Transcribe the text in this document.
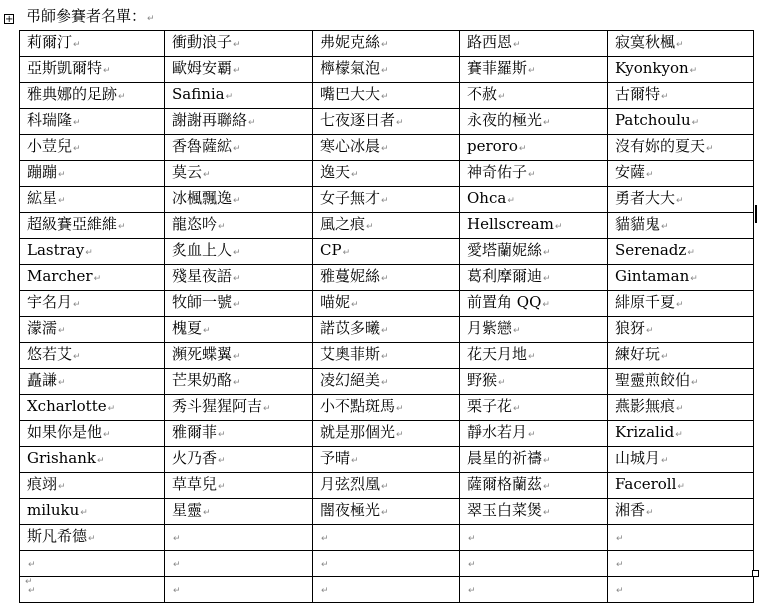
+ 弔師參賽者名單：↵
莉爾汀↵	衝動浪子↵	弗妮克絲↵	路西恩↵	寂寞秋楓↵
亞斯凱爾特↵	歐姆安覇↵	檸檬氣泡↵	賽菲羅斯↵	Kyonkyon↵
雅典娜的足跡↵	Safinia↵	嘴巴大大↵	不赦↵	古爾特↵
科瑞隆↵	謝謝再聯絡↵	七夜逐日者↵	永夜的極光↵	Patchoulu↵
小荳兒↵	香魯薩絋↵	寒心冰晨↵	peroro↵	沒有妳的夏天↵
蹦蹦↵	莫云↵	逸天↵	神奇佑子↵	安薩↵
絋星↵	冰楓飄逸↵	女子無才↵	Ohca↵	勇者大大↵
超級賽亞維維↵	龍恣吟↵	風之痕↵	Hellscream↵	貓貓鬼↵
Lastray↵	炙血上人↵	CP↵	愛塔蘭妮絲↵	Serenadz↵
Marcher↵	殘星夜語↵	雅蔓妮絲↵	葛利摩爾迪↵	Gintaman↵
宇名月↵	牧師一號↵	喵妮↵	前置角 QQ↵	緋原千夏↵
濛濡↵	槐夏↵	諾苡多曦↵	月紫戀↵	狼犽↵
悠若艾↵	瀕死蝶翼↵	艾奧菲斯↵	花天月地↵	練好玩↵
矗謙↵	芒果奶酪↵	凌幻絕美↵	野猴↵	聖靈煎餃伯↵
Xcharlotte↵	秀斗猩猩阿吉↵	小不點斑馬↵	栗子花↵	燕影無痕↵
如果你是他↵	雅爾菲↵	就是那個光↵	靜水若月↵	Krizalid↵
Grishank↵	火乃香↵	予晴↵	晨星的祈禱↵	山城月↵
痕翊↵	草草兒↵	月弦烈凰↵	薩爾格蘭茲↵	Faceroll↵
miluku↵	星靈↵	闇夜極光↵	翠玉白菜煲↵	湘香↵
斯凡希德↵	↵	↵	↵	↵
↵	↵	↵	↵	↵
↵	↵	↵	↵	↵
↵
